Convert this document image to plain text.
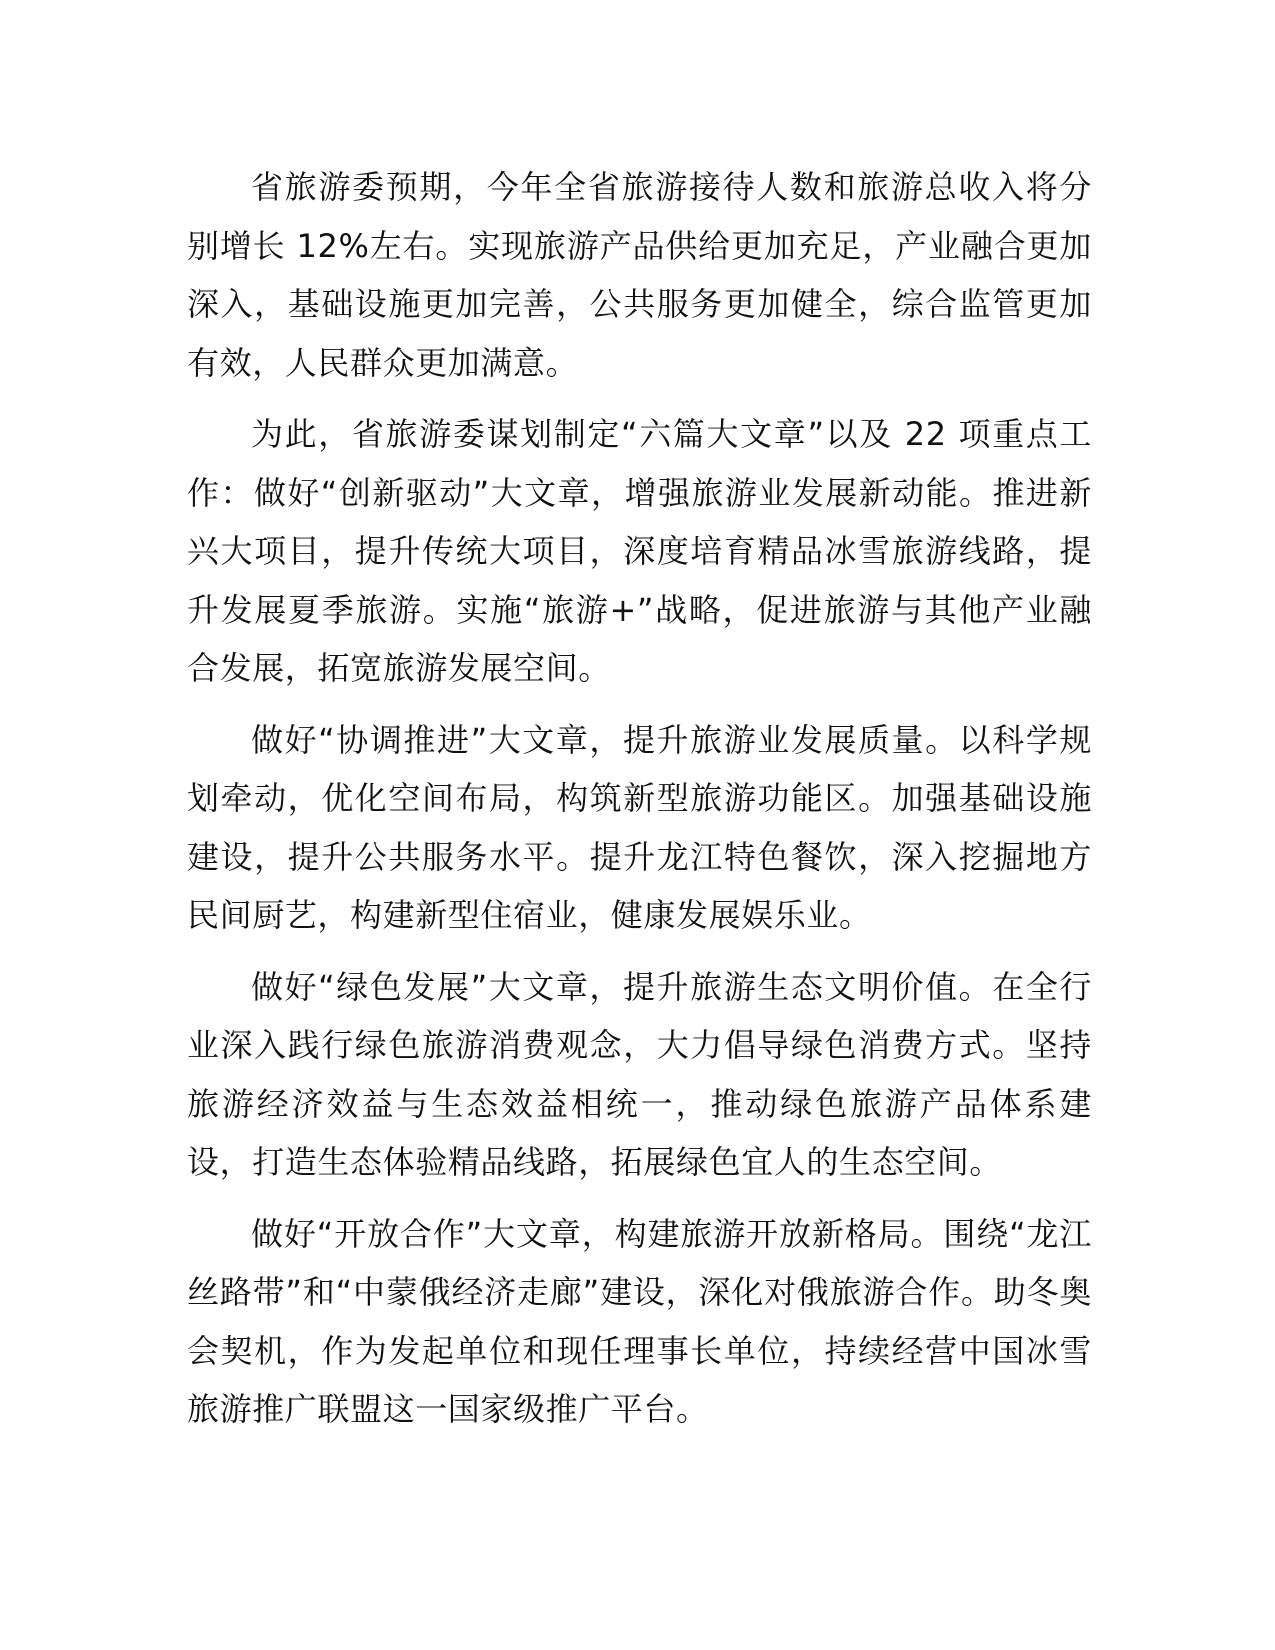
省旅游委预期，今年全省旅游接待人数和旅游总收入将分别增长 12%左右。实现旅游产品供给更加充足，产业融合更加深入，基础设施更加完善，公共服务更加健全，综合监管更加有效，人民群众更加满意。

为此，省旅游委谋划制定“六篇大文章”以及 22 项重点工作：做好“创新驱动”大文章，增强旅游业发展新动能。推进新兴大项目，提升传统大项目，深度培育精品冰雪旅游线路，提升发展夏季旅游。实施“旅游+”战略，促进旅游与其他产业融合发展，拓宽旅游发展空间。

做好“协调推进”大文章，提升旅游业发展质量。以科学规划牵动，优化空间布局，构筑新型旅游功能区。加强基础设施建设，提升公共服务水平。提升龙江特色餐饮，深入挖掘地方民间厨艺，构建新型住宿业，健康发展娱乐业。

做好“绿色发展”大文章，提升旅游生态文明价值。在全行业深入践行绿色旅游消费观念，大力倡导绿色消费方式。坚持旅游经济效益与生态效益相统一，推动绿色旅游产品体系建设，打造生态体验精品线路，拓展绿色宜人的生态空间。

做好“开放合作”大文章，构建旅游开放新格局。围绕“龙江丝路带”和“中蒙俄经济走廊”建设，深化对俄旅游合作。助冬奥会契机，作为发起单位和现任理事长单位，持续经营中国冰雪旅游推广联盟这一国家级推广平台。
